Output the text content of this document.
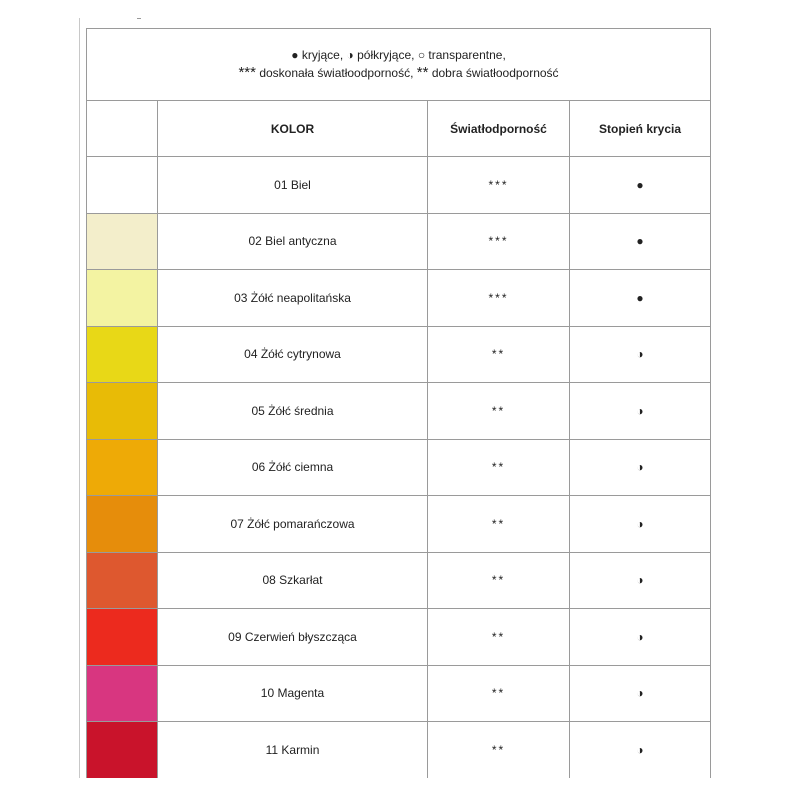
● kryjące, ◑ półkryjące, ○ transparentne,
*** doskonała światłoodporność, ** dobra światłoodporność			

	KOLOR	Światłodporność	Stopień krycia
	01 Biel	***	●
	02 Biel antyczna	***	●
	03 Żółć neapolitańska	***	●
	04 Żółć cytrynowa	**	◑
	05 Żółć średnia	**	◑
	06 Żółć ciemna	**	◑
	07 Żółć pomarańczowa	**	◑
	08 Szkarłat	**	◑
	09 Czerwień błyszcząca	**	◑
	10 Magenta	**	◑
	11 Karmin	**	◑
